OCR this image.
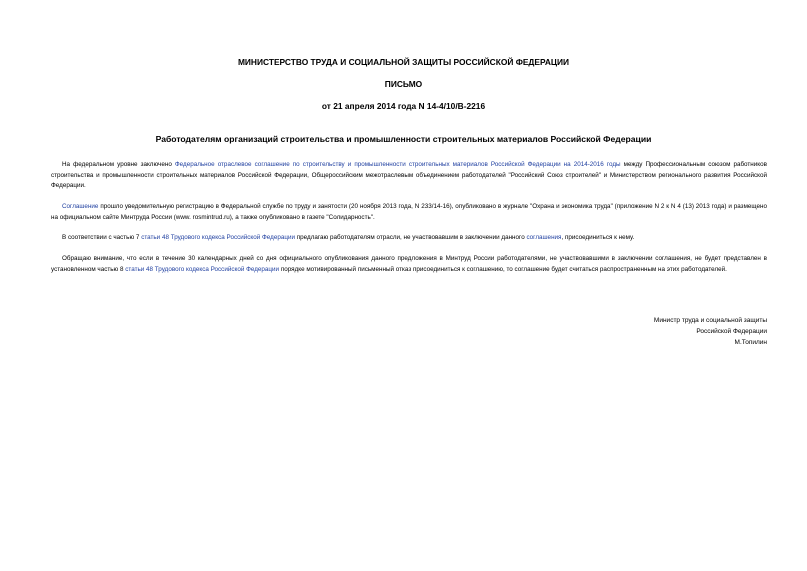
МИНИСТЕРСТВО ТРУДА И СОЦИАЛЬНОЙ ЗАЩИТЫ РОССИЙСКОЙ ФЕДЕРАЦИИ
ПИСЬМО
от 21 апреля 2014 года N 14-4/10/В-2216
Работодателям организаций строительства и промышленности строительных материалов Российской Федерации

На федеральном уровне заключено Федеральное отраслевое соглашение по строительству и промышленности строительных материалов Российской Федерации на 2014-2016 годы между Профессиональным союзом работников строительства и промышленности строительных материалов Российской Федерации, Общероссийским межотраслевым объединением работодателей "Российский Союз строителей" и Министерством регионального развития Российской Федерации.

Соглашение прошло уведомительную регистрацию в Федеральной службе по труду и занятости (20 ноября 2013 года, N 233/14-16), опубликовано в журнале "Охрана и экономика труда" (приложение N 2 к N 4 (13) 2013 года) и размещено на официальном сайте Минтруда России (www. rosmintrud.ru), а также опубликовано в газете "Солидарность".

В соответствии с частью 7 статьи 48 Трудового кодекса Российской Федерации предлагаю работодателям отрасли, не участвовавшим в заключении данного соглашения, присоединиться к нему.

Обращаю внимание, что если в течение 30 календарных дней со дня официального опубликования данного предложения в Минтруд России работодателями, не участвовавшими в заключении соглашения, не будет представлен в установленном частью 8 статьи 48 Трудового кодекса Российской Федерации порядке мотивированный письменный отказ присоединиться к соглашению, то соглашение будет считаться распространенным на этих работодателей.

Министр труда и социальной защиты
Российской Федерации
М.Топилин
